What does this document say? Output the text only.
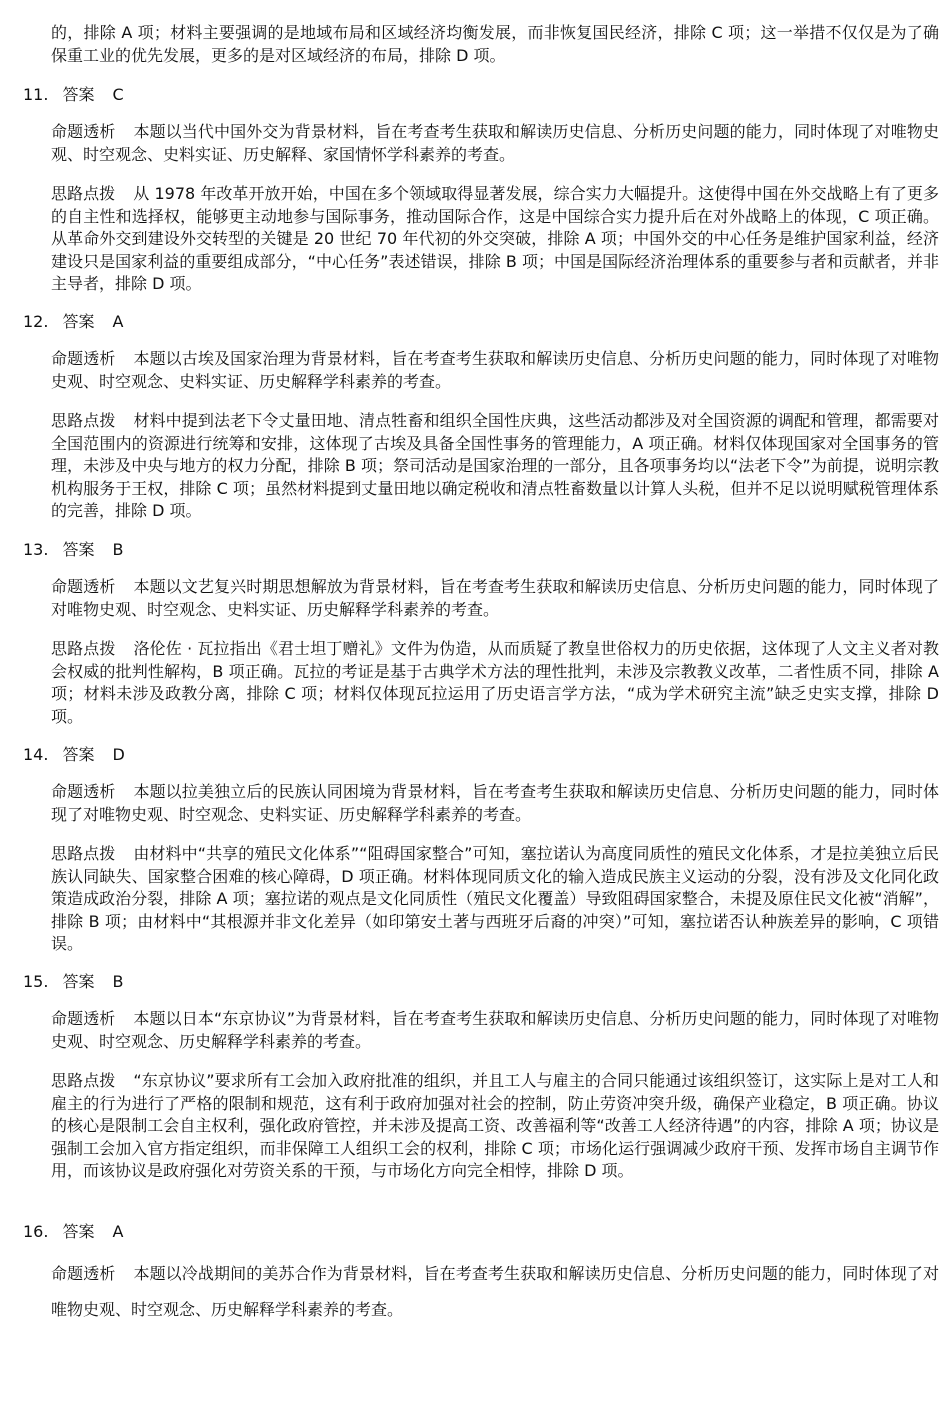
的，排除 A 项；材料主要强调的是地域布局和区域经济均衡发展，而非恢复国民经济，排除 C 项；这一举措不仅仅是为了确保重工业的优先发展，更多的是对区域经济的布局，排除 D 项。

11. 答案 C

命题透析 本题以当代中国外交为背景材料，旨在考查考生获取和解读历史信息、分析历史问题的能力，同时体现了对唯物史观、时空观念、史料实证、历史解释、家国情怀学科素养的考查。

思路点拨 从 1978 年改革开放开始，中国在多个领域取得显著发展，综合实力大幅提升。这使得中国在外交战略上有了更多的自主性和选择权，能够更主动地参与国际事务，推动国际合作，这是中国综合实力提升后在对外战略上的体现，C 项正确。从革命外交到建设外交转型的关键是 20 世纪 70 年代初的外交突破，排除 A 项；中国外交的中心任务是维护国家利益，经济建设只是国家利益的重要组成部分，“中心任务”表述错误，排除 B 项；中国是国际经济治理体系的重要参与者和贡献者，并非主导者，排除 D 项。

12. 答案 A

命题透析 本题以古埃及国家治理为背景材料，旨在考查考生获取和解读历史信息、分析历史问题的能力，同时体现了对唯物史观、时空观念、史料实证、历史解释学科素养的考查。

思路点拨 材料中提到法老下令丈量田地、清点牲畜和组织全国性庆典，这些活动都涉及对全国资源的调配和管理，都需要对全国范围内的资源进行统筹和安排，这体现了古埃及具备全国性事务的管理能力，A 项正确。材料仅体现国家对全国事务的管理，未涉及中央与地方的权力分配，排除 B 项；祭司活动是国家治理的一部分，且各项事务均以“法老下令”为前提，说明宗教机构服务于王权，排除 C 项；虽然材料提到丈量田地以确定税收和清点牲畜数量以计算人头税，但并不足以说明赋税管理体系的完善，排除 D 项。

13. 答案 B

命题透析 本题以文艺复兴时期思想解放为背景材料，旨在考查考生获取和解读历史信息、分析历史问题的能力，同时体现了对唯物史观、时空观念、史料实证、历史解释学科素养的考查。

思路点拨 洛伦佐 · 瓦拉指出《君士坦丁赠礼》文件为伪造，从而质疑了教皇世俗权力的历史依据，这体现了人文主义者对教会权威的批判性解构，B 项正确。瓦拉的考证是基于古典学术方法的理性批判，未涉及宗教教义改革，二者性质不同，排除 A 项；材料未涉及政教分离，排除 C 项；材料仅体现瓦拉运用了历史语言学方法，“成为学术研究主流”缺乏史实支撑，排除 D 项。

14. 答案 D

命题透析 本题以拉美独立后的民族认同困境为背景材料，旨在考查考生获取和解读历史信息、分析历史问题的能力，同时体现了对唯物史观、时空观念、史料实证、历史解释学科素养的考查。

思路点拨 由材料中“共享的殖民文化体系”“阻碍国家整合”可知，塞拉诺认为高度同质性的殖民文化体系，才是拉美独立后民族认同缺失、国家整合困难的核心障碍，D 项正确。材料体现同质文化的输入造成民族主义运动的分裂，没有涉及文化同化政策造成政治分裂，排除 A 项；塞拉诺的观点是文化同质性（殖民文化覆盖）导致阻碍国家整合，未提及原住民文化被“消解”，排除 B 项；由材料中“其根源并非文化差异（如印第安土著与西班牙后裔的冲突）”可知，塞拉诺否认种族差异的影响，C 项错误。

15. 答案 B

命题透析 本题以日本“东京协议”为背景材料，旨在考查考生获取和解读历史信息、分析历史问题的能力，同时体现了对唯物史观、时空观念、历史解释学科素养的考查。

思路点拨 “东京协议”要求所有工会加入政府批准的组织，并且工人与雇主的合同只能通过该组织签订，这实际上是对工人和雇主的行为进行了严格的限制和规范，这有利于政府加强对社会的控制，防止劳资冲突升级，确保产业稳定，B 项正确。协议的核心是限制工会自主权利，强化政府管控，并未涉及提高工资、改善福利等“改善工人经济待遇”的内容，排除 A 项；协议是强制工会加入官方指定组织，而非保障工人组织工会的权利，排除 C 项；市场化运行强调减少政府干预、发挥市场自主调节作用，而该协议是政府强化对劳资关系的干预，与市场化方向完全相悖，排除 D 项。

16. 答案 A

命题透析 本题以冷战期间的美苏合作为背景材料，旨在考查考生获取和解读历史信息、分析历史问题的能力，同时体现了对唯物史观、时空观念、历史解释学科素养的考查。
